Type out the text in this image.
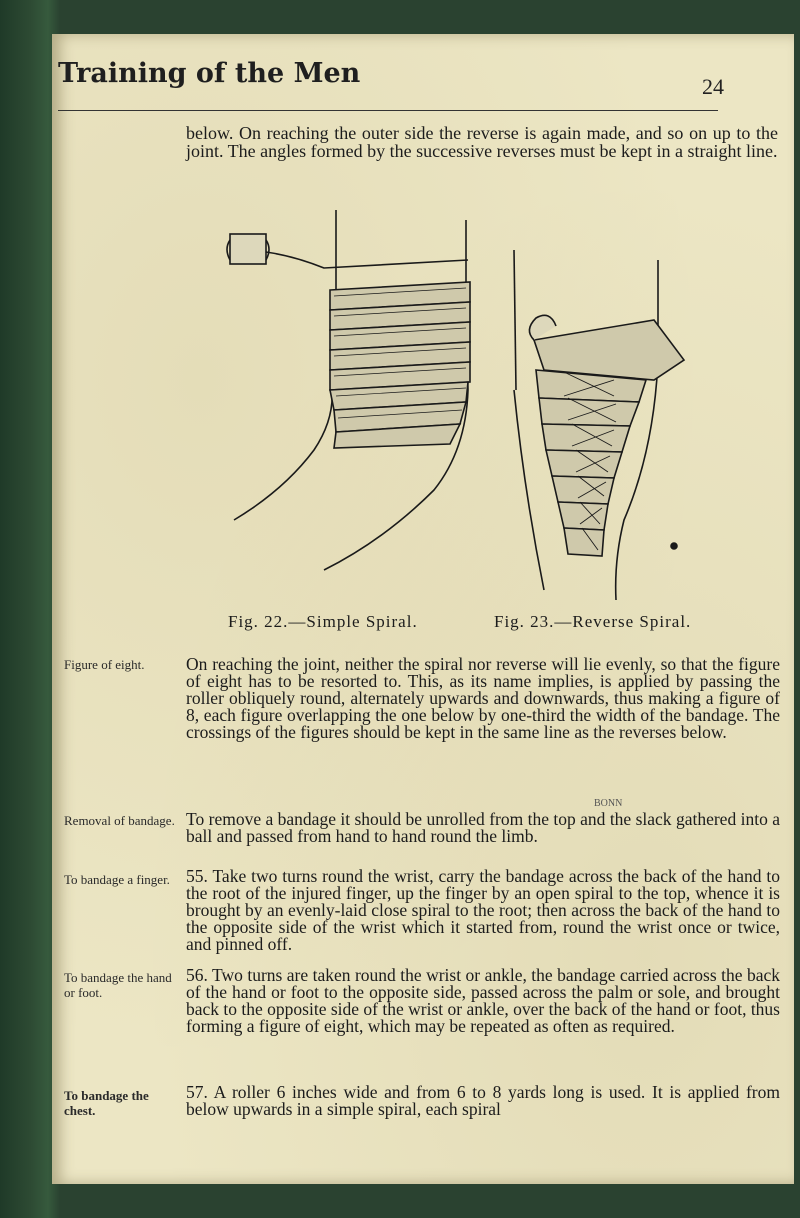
Training of the Men	24

below. On reaching the outer side the reverse is again made, and so on up to the joint. The angles formed by the successive reverses must be kept in a straight line.

Fig. 22.—Simple Spiral.	Fig. 23.—Reverse Spiral.

Figure of eight.	On reaching the joint, neither the spiral nor reverse will lie evenly, so that the figure of eight has to be resorted to. This, as its name implies, is applied by passing the roller obliquely round, alternately upwards and downwards, thus making a figure of 8, each figure overlapping the one below by one-third the width of the bandage. The crossings of the figures should be kept in the same line as the reverses below.

BONN

Removal of bandage. To remove a bandage it should be unrolled from the top and the slack gathered into a ball and passed from hand to hand round the limb.

To bandage a finger. 55. Take two turns round the wrist, carry the bandage across the back of the hand to the root of the injured finger, up the finger by an open spiral to the top, whence it is brought by an evenly-laid close spiral to the root; then across the back of the hand to the opposite side of the wrist which it started from, round the wrist once or twice, and pinned off.

To bandage the hand or foot.

56. Two turns are taken round the wrist or ankle, the bandage carried across the back of the hand or foot to the opposite side, passed across the palm or sole, and brought back to the opposite side of the wrist or ankle, over the back of the hand or foot, thus forming a figure of eight, which may be repeated as often as required.

To bandage the chest.

57. A roller 6 inches wide and from 6 to 8 yards long is used. It is applied from below upwards in a simple spiral, each spiral
